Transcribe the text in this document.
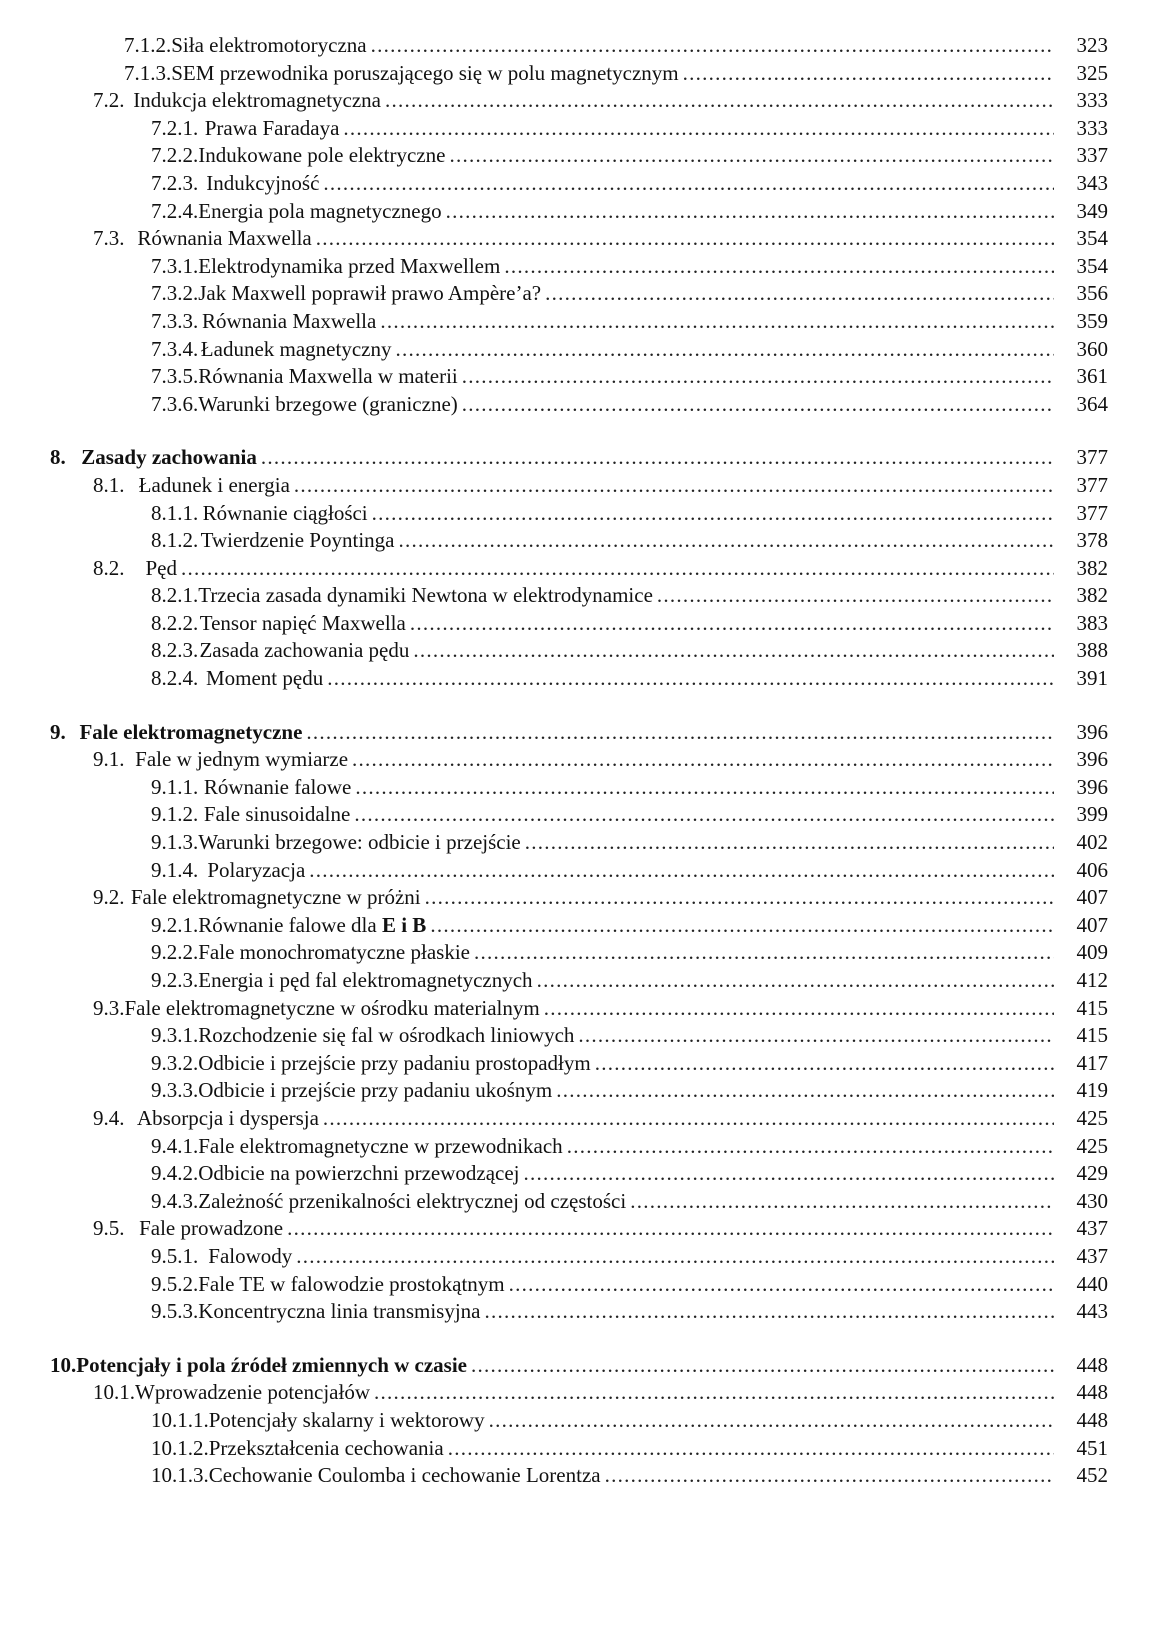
7.1.2. Siła elektromotoryczna . . .	323
7.1.3. SEM przewodnika poruszającego się w polu magnetycznym . . .	325
7.2. Indukcja elektromagnetyczna . . .	333
7.2.1. Prawa Faradaya . . .	333
7.2.2. Indukowane pole elektryczne . . .	337
7.2.3. Indukcyjność . . .	343
7.2.4. Energia pola magnetycznego . . .	349
7.3. Równania Maxwella . . .	354
7.3.1. Elektrodynamika przed Maxwellem . . .	354
7.3.2. Jak Maxwell poprawił prawo Ampère’a? . . .	356
7.3.3. Równania Maxwella . . .	359
7.3.4. Ładunek magnetyczny . . .	360
7.3.5. Równania Maxwella w materii . . .	361
7.3.6. Warunki brzegowe (graniczne) . . .	364
8. Zasady zachowania . . .	377
8.1. Ładunek i energia . . .	377
8.1.1. Równanie ciągłości . . .	377
8.1.2. Twierdzenie Poyntinga . . .	378
8.2. Pęd . . .	382
8.2.1. Trzecia zasada dynamiki Newtona w elektrodynamice . . .	382
8.2.2. Tensor napięć Maxwella . . .	383
8.2.3. Zasada zachowania pędu . . .	388
8.2.4. Moment pędu . . .	391
9. Fale elektromagnetyczne . . .	396
9.1. Fale w jednym wymiarze . . .	396
9.1.1. Równanie falowe . . .	396
9.1.2. Fale sinusoidalne . . .	399
9.1.3. Warunki brzegowe: odbicie i przejście . . .	402
9.1.4. Polaryzacja . . .	406
9.2. Fale elektromagnetyczne w próżni . . .	407
9.2.1. Równanie falowe dla E i B . . .	407
9.2.2. Fale monochromatyczne płaskie . . .	409
9.2.3. Energia i pęd fal elektromagnetycznych . . .	412
9.3. Fale elektromagnetyczne w ośrodku materialnym . . .	415
9.3.1. Rozchodzenie się fal w ośrodkach liniowych . . .	415
9.3.2. Odbicie i przejście przy padaniu prostopadłym . . .	417
9.3.3. Odbicie i przejście przy padaniu ukośnym . . .	419
9.4. Absorpcja i dyspersja . . .	425
9.4.1. Fale elektromagnetyczne w przewodnikach . . .	425
9.4.2. Odbicie na powierzchni przewodzącej . . .	429
9.4.3. Zależność przenikalności elektrycznej od częstości . . .	430
9.5. Fale prowadzone . . .	437
9.5.1. Falowody . . .	437
9.5.2. Fale TE w falowodzie prostokątnym . . .	440
9.5.3. Koncentryczna linia transmisyjna . . .	443
10. Potencjały i pola źródeł zmiennych w czasie . . .	448
10.1. Wprowadzenie potencjałów . . .	448
10.1.1. Potencjały skalarny i wektorowy . . .	448
10.1.2. Przekształcenia cechowania . . .	451
10.1.3. Cechowanie Coulomba i cechowanie Lorentza . . .	452
